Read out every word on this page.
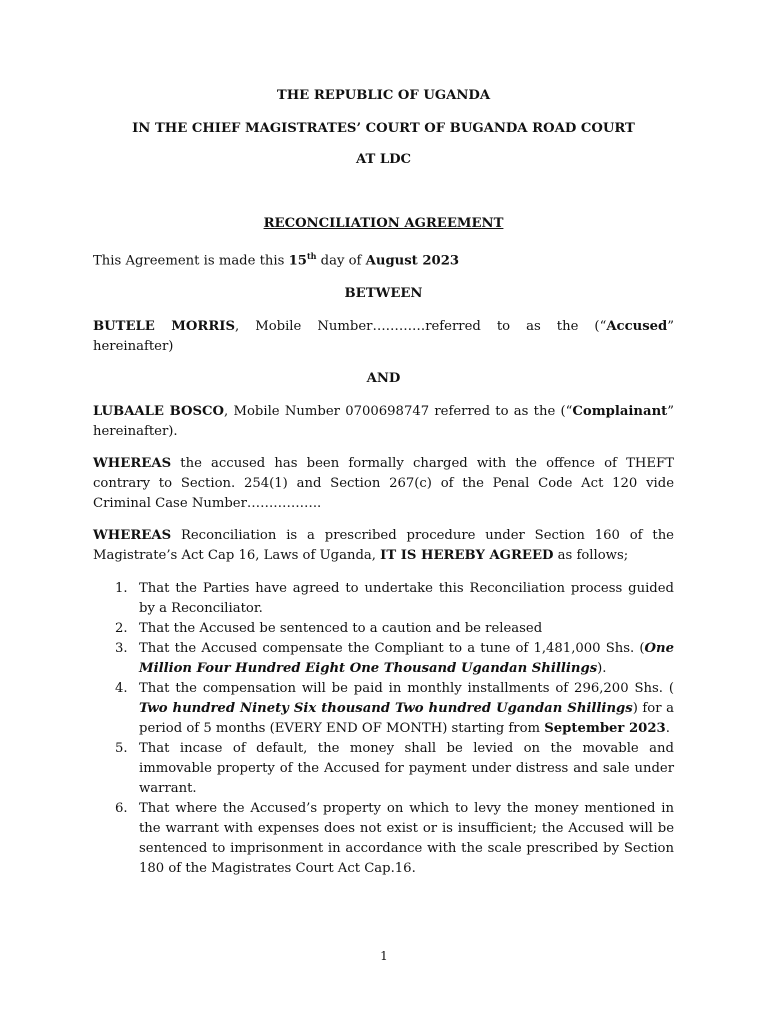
THE REPUBLIC OF UGANDA

IN THE CHIEF MAGISTRATES’ COURT OF BUGANDA ROAD COURT

AT LDC

RECONCILIATION AGREEMENT

This Agreement is made this 15th day of August 2023

BETWEEN

BUTELE MORRIS, Mobile Number…………referred to as the (“Accused” hereinafter)

AND

LUBAALE BOSCO, Mobile Number 0700698747 referred to as the (“Complainant” hereinafter).

WHEREAS the accused has been formally charged with the offence of THEFT contrary to Section. 254(1) and Section 267(c) of the Penal Code Act 120 vide Criminal Case Number……………..

WHEREAS Reconciliation is a prescribed procedure under Section 160 of the Magistrate’s Act Cap 16, Laws of Uganda, IT IS HEREBY AGREED as follows;

1. That the Parties have agreed to undertake this Reconciliation process guided by a Reconciliator.
2. That the Accused be sentenced to a caution and be released
3. That the Accused compensate the Compliant to a tune of 1,481,000 Shs. (One Million Four Hundred Eight One Thousand Ugandan Shillings).
4. That the compensation will be paid in monthly installments of 296,200 Shs. ( Two hundred Ninety Six thousand Two hundred Ugandan Shillings) for a period of 5 months (EVERY END OF MONTH) starting from September 2023.
5. That incase of default, the money shall be levied on the movable and immovable property of the Accused for payment under distress and sale under warrant.
6. That where the Accused’s property on which to levy the money mentioned in the warrant with expenses does not exist or is insufficient; the Accused will be sentenced to imprisonment in accordance with the scale prescribed by Section 180 of the Magistrates Court Act Cap.16.
1
